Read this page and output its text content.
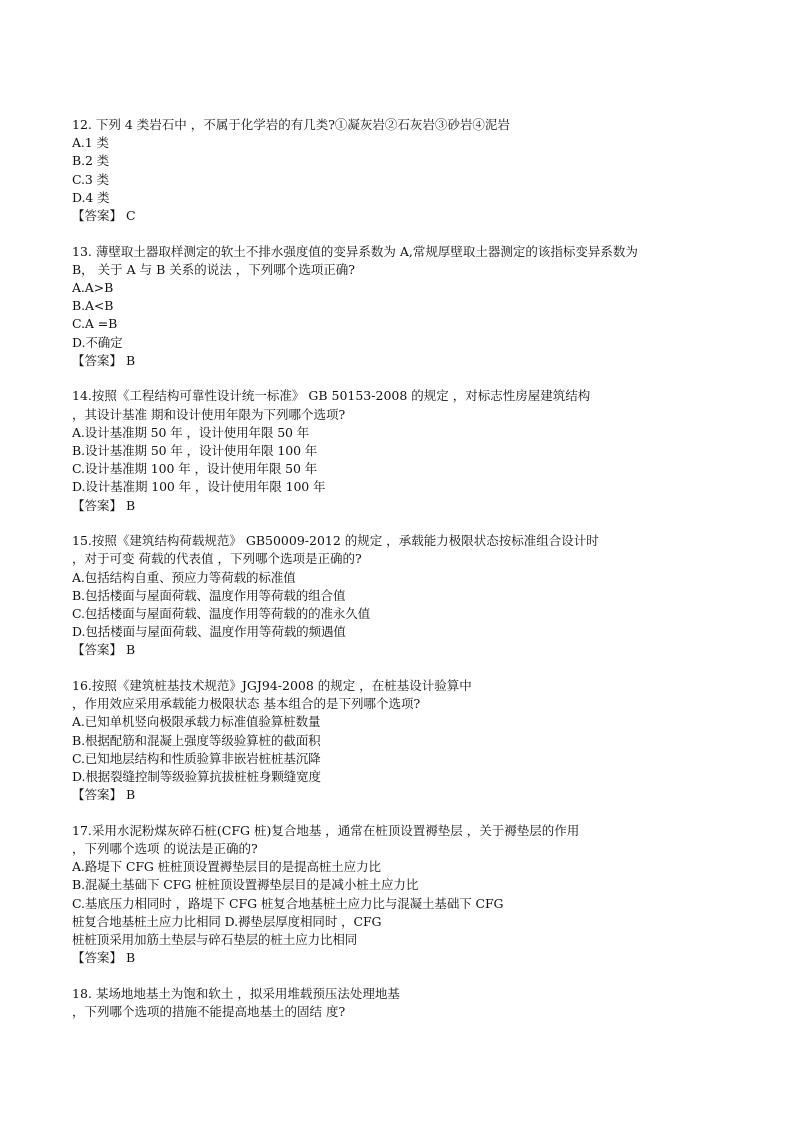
12. 下列 4 类岩石中 ，不属于化学岩的有几类?①凝灰岩②石灰岩③砂岩④泥岩
A.1 类
B.2 类
C.3 类
D.4 类
【答案】 C
13. 薄壁取土器取样测定的软土不排水强度值的变异系数为 A,常规厚壁取土器测定的该指标变异系数为
B， 关于 A 与 B 关系的说法 ，下列哪个选项正确?
A.A>B
B.A<B
C.A =B
D.不确定
【答案】 B
14.按照《工程结构可靠性设计统一标准》 GB 50153-2008 的规定 ，对标志性房屋建筑结构
，其设计基准 期和设计使用年限为下列哪个选项?
A.设计基准期 50 年 ，设计使用年限 50 年
B.设计基准期 50 年 ，设计使用年限 100 年
C.设计基准期 100 年 ，设计使用年限 50 年
D.设计基准期 100 年 ，设计使用年限 100 年
【答案】 B
15.按照《建筑结构荷载规范》 GB50009-2012 的规定 ，承载能力极限状态按标准组合设计时
，对于可变 荷载的代表值 ，下列哪个选项是正确的?
A.包括结构自重、预应力等荷载的标准值
B.包括楼面与屋面荷载、温度作用等荷载的组合值
C.包括楼面与屋面荷载、温度作用等荷载的的准永久值
D.包括楼面与屋面荷载、温度作用等荷载的频遇值
【答案】 B
16.按照《建筑桩基技术规范》JGJ94-2008 的规定 ，在桩基设计验算中
，作用效应采用承载能力极限状态 基本组合的是下列哪个选项?
A.已知单机竖向极限承载力标准值验算桩数量
B.根据配筋和混凝上强度等级验算桩的截面积
C.已知地层结构和性质验算非嵌岩桩桩基沉降
D.根据裂缝控制等级验算抗拔桩桩身颗缝宽度
【答案】 B
17.采用水泥粉煤灰碎石桩(CFG 桩)复合地基 ，通常在桩顶设置褥垫层 ，关于褥垫层的作用
，下列哪个选项 的说法是正确的?
A.路堤下 CFG 桩桩顶设置褥垫层目的是提高桩土应力比
B.混凝土基础下 CFG 桩桩顶设置褥垫层目的是减小桩土应力比
C.基底压力相同时 ，路堤下 CFG 桩复合地基桩土应力比与混凝土基础下 CFG
桩复合地基桩土应力比相同 D.褥垫层厚度相同时 ，CFG
桩桩顶采用加筋土垫层与碎石垫层的桩土应力比相同
【答案】 B
18. 某场地地基土为饱和软土 ，拟采用堆载预压法处理地基
，下列哪个选项的措施不能提高地基土的固结 度?
